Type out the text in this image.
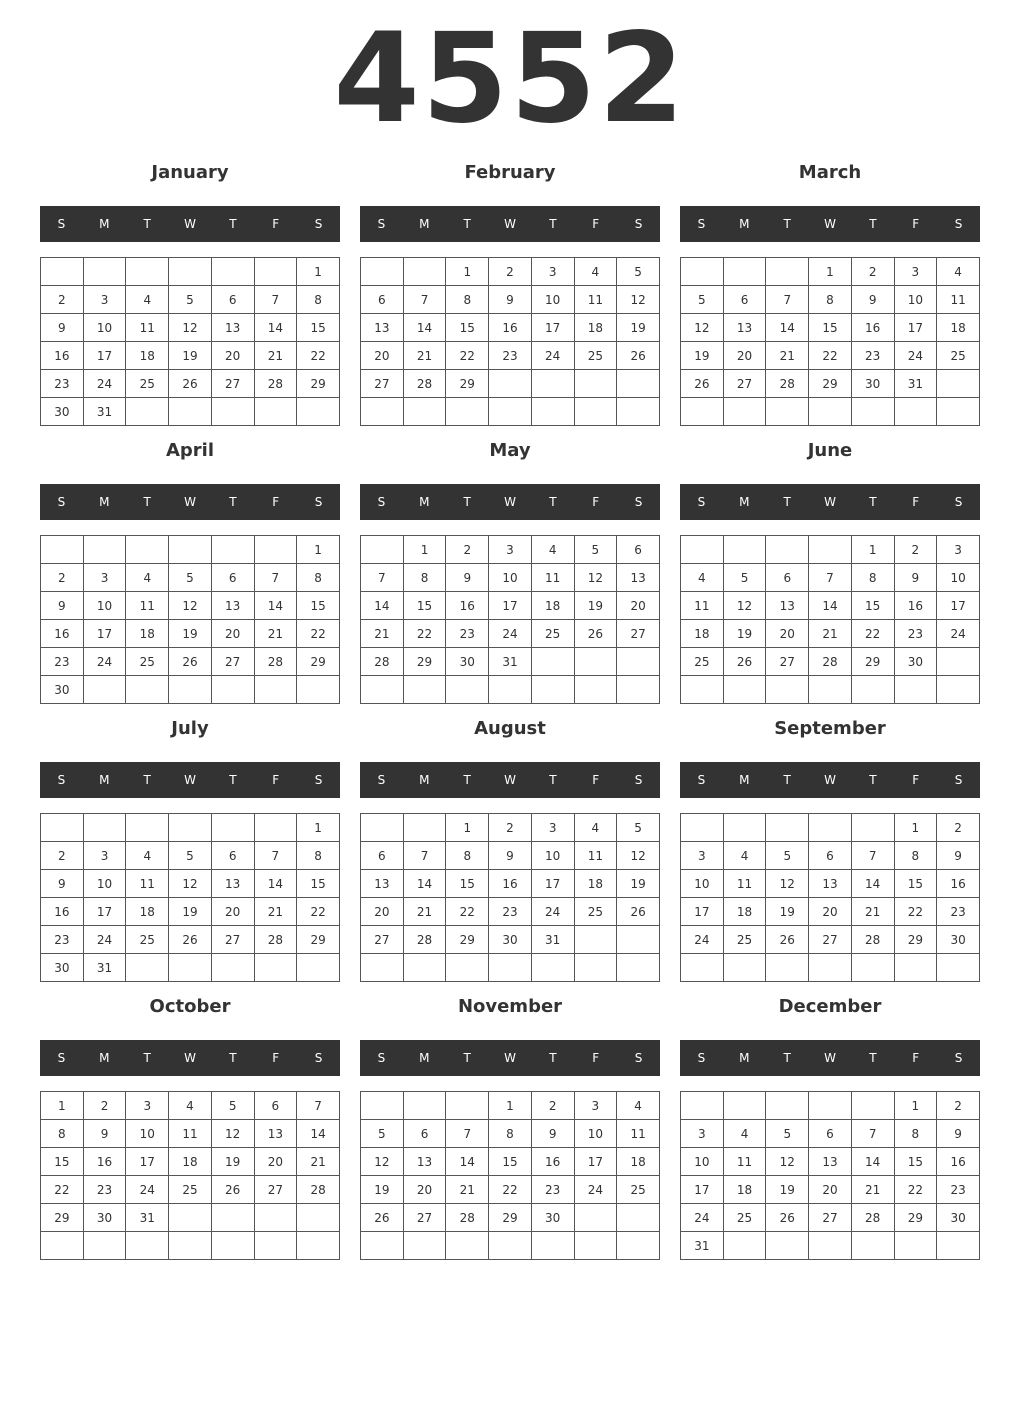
4552
January
S	M	T	W	T	F	S
						1
2	3	4	5	6	7	8
9	10	11	12	13	14	15
16	17	18	19	20	21	22
23	24	25	26	27	28	29
30	31					
February
S	M	T	W	T	F	S
		1	2	3	4	5
6	7	8	9	10	11	12
13	14	15	16	17	18	19
20	21	22	23	24	25	26
27	28	29				

March
S	M	T	W	T	F	S
			1	2	3	4
5	6	7	8	9	10	11
12	13	14	15	16	17	18
19	20	21	22	23	24	25
26	27	28	29	30	31	

April
S	M	T	W	T	F	S
						1
2	3	4	5	6	7	8
9	10	11	12	13	14	15
16	17	18	19	20	21	22
23	24	25	26	27	28	29
30						
May
S	M	T	W	T	F	S
	1	2	3	4	5	6
7	8	9	10	11	12	13
14	15	16	17	18	19	20
21	22	23	24	25	26	27
28	29	30	31			

June
S	M	T	W	T	F	S
				1	2	3
4	5	6	7	8	9	10
11	12	13	14	15	16	17
18	19	20	21	22	23	24
25	26	27	28	29	30	

July
S	M	T	W	T	F	S
						1
2	3	4	5	6	7	8
9	10	11	12	13	14	15
16	17	18	19	20	21	22
23	24	25	26	27	28	29
30	31					
August
S	M	T	W	T	F	S
		1	2	3	4	5
6	7	8	9	10	11	12
13	14	15	16	17	18	19
20	21	22	23	24	25	26
27	28	29	30	31		

September
S	M	T	W	T	F	S
					1	2
3	4	5	6	7	8	9
10	11	12	13	14	15	16
17	18	19	20	21	22	23
24	25	26	27	28	29	30

October
S	M	T	W	T	F	S
1	2	3	4	5	6	7
8	9	10	11	12	13	14
15	16	17	18	19	20	21
22	23	24	25	26	27	28
29	30	31				

November
S	M	T	W	T	F	S
			1	2	3	4
5	6	7	8	9	10	11
12	13	14	15	16	17	18
19	20	21	22	23	24	25
26	27	28	29	30		

December
S	M	T	W	T	F	S
					1	2
3	4	5	6	7	8	9
10	11	12	13	14	15	16
17	18	19	20	21	22	23
24	25	26	27	28	29	30
31						
